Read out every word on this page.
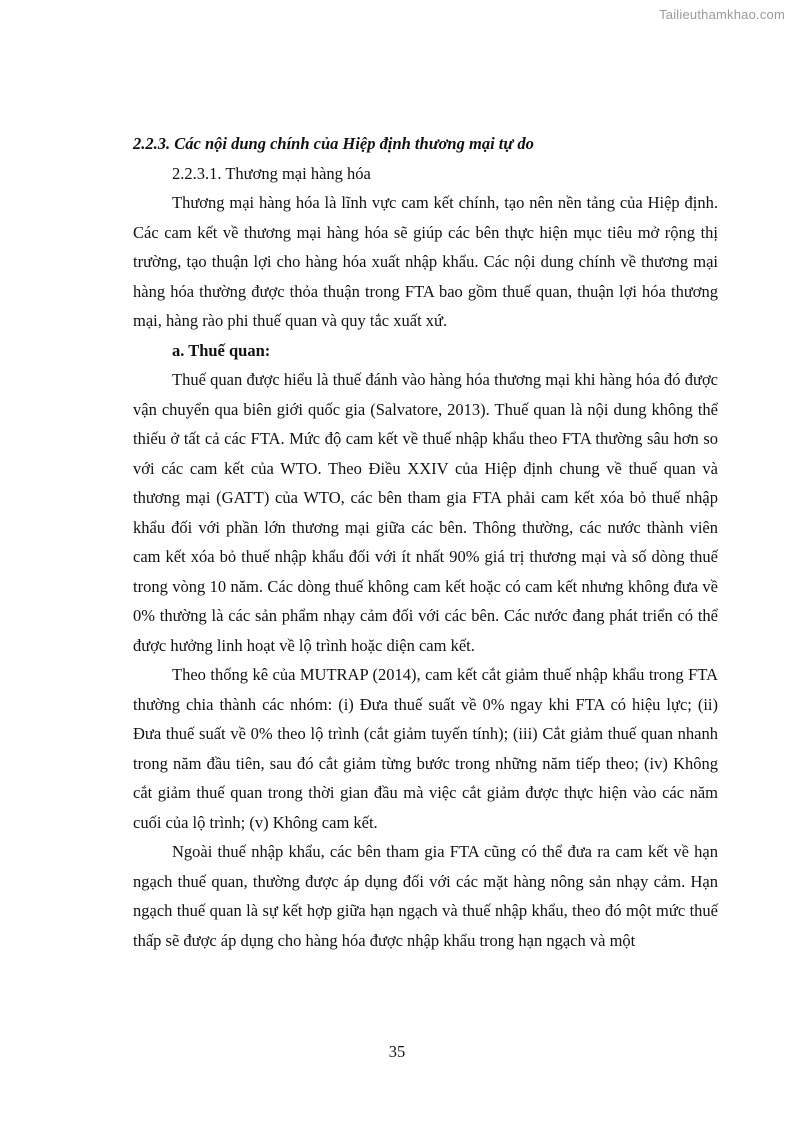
Tailieuthamkhao.com

2.2.3. Các nội dung chính của Hiệp định thương mại tự do

2.2.3.1. Thương mại hàng hóa

Thương mại hàng hóa là lĩnh vực cam kết chính, tạo nên nền tảng của Hiệp định. Các cam kết về thương mại hàng hóa sẽ giúp các bên thực hiện mục tiêu mở rộng thị trường, tạo thuận lợi cho hàng hóa xuất nhập khẩu. Các nội dung chính về thương mại hàng hóa thường được thỏa thuận trong FTA bao gồm thuế quan, thuận lợi hóa thương mại, hàng rào phi thuế quan và quy tắc xuất xứ.

a. Thuế quan:

Thuế quan được hiểu là thuế đánh vào hàng hóa thương mại khi hàng hóa đó được vận chuyển qua biên giới quốc gia (Salvatore, 2013). Thuế quan là nội dung không thể thiếu ở tất cả các FTA. Mức độ cam kết về thuế nhập khẩu theo FTA thường sâu hơn so với các cam kết của WTO. Theo Điều XXIV của Hiệp định chung về thuế quan và thương mại (GATT) của WTO, các bên tham gia FTA phải cam kết xóa bỏ thuế nhập khẩu đối với phần lớn thương mại giữa các bên. Thông thường, các nước thành viên cam kết xóa bỏ thuế nhập khẩu đối với ít nhất 90% giá trị thương mại và số dòng thuế trong vòng 10 năm. Các dòng thuế không cam kết hoặc có cam kết nhưng không đưa về 0% thường là các sản phẩm nhạy cảm đối với các bên. Các nước đang phát triển có thể được hưởng linh hoạt về lộ trình hoặc diện cam kết.

Theo thống kê của MUTRAP (2014), cam kết cắt giảm thuế nhập khẩu trong FTA thường chia thành các nhóm: (i) Đưa thuế suất về 0% ngay khi FTA có hiệu lực; (ii) Đưa thuế suất về 0% theo lộ trình (cắt giảm tuyến tính); (iii) Cắt giảm thuế quan nhanh trong năm đầu tiên, sau đó cắt giảm từng bước trong những năm tiếp theo; (iv) Không cắt giảm thuế quan trong thời gian đầu mà việc cắt giảm được thực hiện vào các năm cuối của lộ trình; (v) Không cam kết.

Ngoài thuế nhập khẩu, các bên tham gia FTA cũng có thể đưa ra cam kết về hạn ngạch thuế quan, thường được áp dụng đối với các mặt hàng nông sản nhạy cảm. Hạn ngạch thuế quan là sự kết hợp giữa hạn ngạch và thuế nhập khẩu, theo đó một mức thuế thấp sẽ được áp dụng cho hàng hóa được nhập khẩu trong hạn ngạch và một

35
